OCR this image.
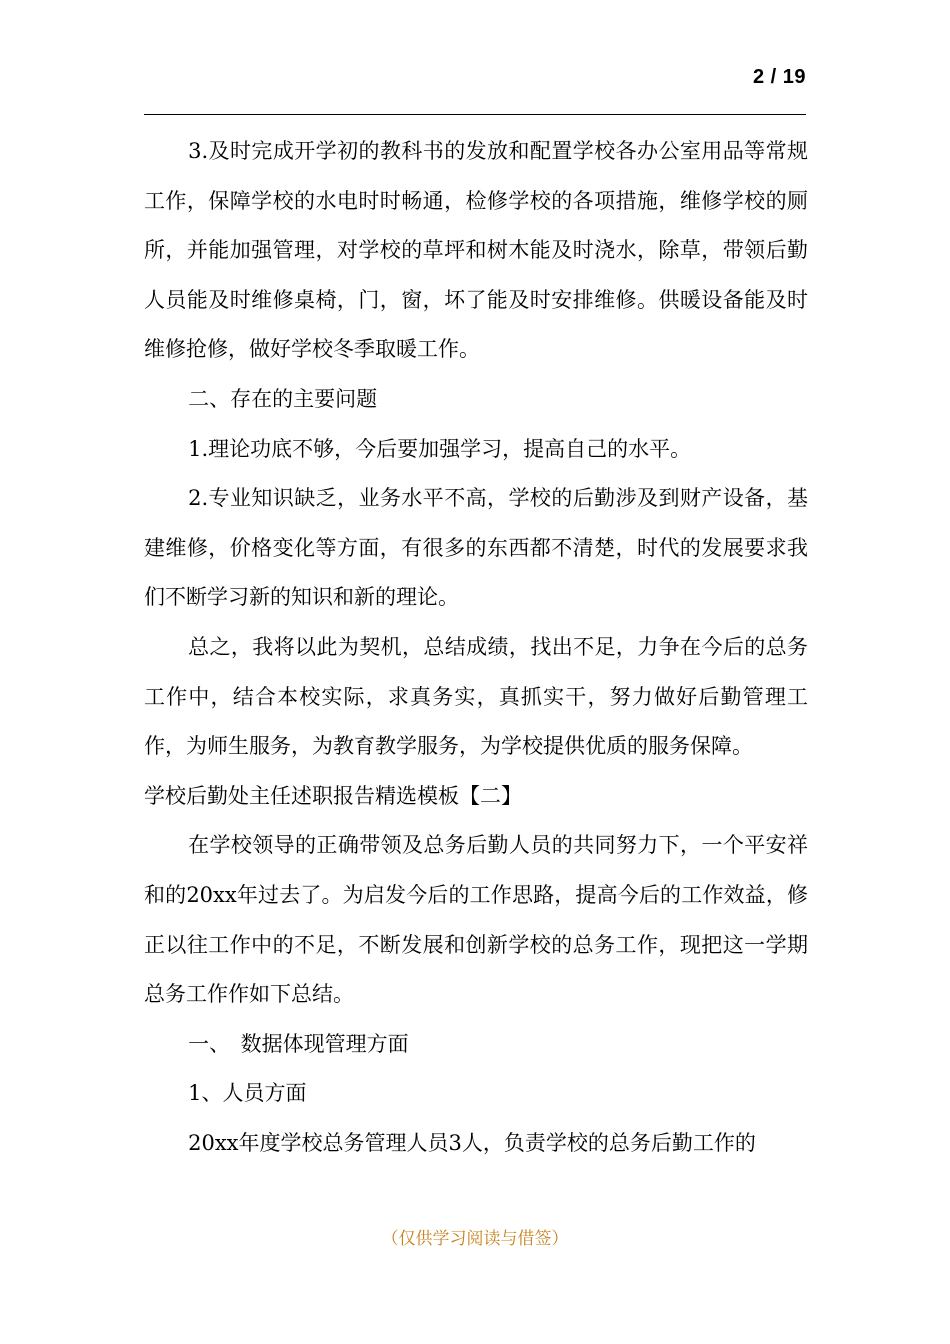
2 / 19

3.及时完成开学初的教科书的发放和配置学校各办公室用品等常规工作，保障学校的水电时时畅通，检修学校的各项措施，维修学校的厕所，并能加强管理，对学校的草坪和树木能及时浇水，除草，带领后勤人员能及时维修桌椅，门，窗，坏了能及时安排维修。供暖设备能及时维修抢修，做好学校冬季取暖工作。

二、存在的主要问题

1.理论功底不够，今后要加强学习，提高自己的水平。

2.专业知识缺乏，业务水平不高，学校的后勤涉及到财产设备，基建维修，价格变化等方面，有很多的东西都不清楚，时代的发展要求我们不断学习新的知识和新的理论。

总之，我将以此为契机，总结成绩，找出不足，力争在今后的总务工作中，结合本校实际，求真务实，真抓实干，努力做好后勤管理工作，为师生服务，为教育教学服务，为学校提供优质的服务保障。

学校后勤处主任述职报告精选模板【二】

在学校领导的正确带领及总务后勤人员的共同努力下，一个平安祥和的20xx年过去了。为启发今后的工作思路，提高今后的工作效益，修正以往工作中的不足，不断发展和创新学校的总务工作，现把这一学期总务工作作如下总结。

一、　数据体现管理方面

1、人员方面

20xx年度学校总务管理人员3人，负责学校的总务后勤工作的

（仅供学习阅读与借签）
